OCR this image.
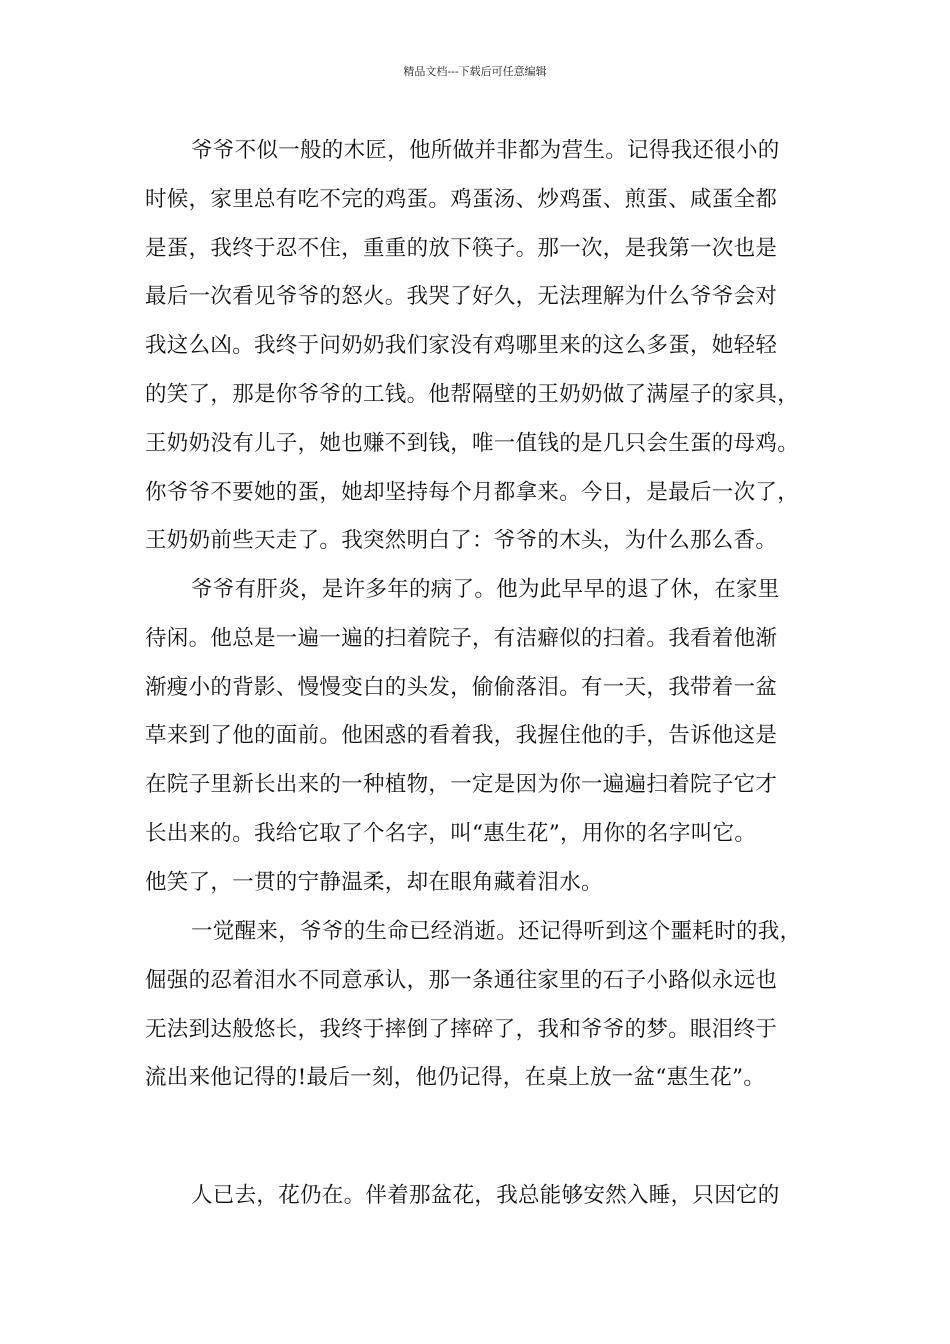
精品文档---下载后可任意编辑
爷爷不似一般的木匠，他所做并非都为营生。记得我还很小的
时候，家里总有吃不完的鸡蛋。鸡蛋汤、炒鸡蛋、煎蛋、咸蛋全都
是蛋，我终于忍不住，重重的放下筷子。那一次，是我第一次也是
最后一次看见爷爷的怒火。我哭了好久，无法理解为什么爷爷会对
我这么凶。我终于问奶奶我们家没有鸡哪里来的这么多蛋，她轻轻
的笑了，那是你爷爷的工钱。他帮隔壁的王奶奶做了满屋子的家具，
王奶奶没有儿子，她也赚不到钱，唯一值钱的是几只会生蛋的母鸡。
你爷爷不要她的蛋，她却坚持每个月都拿来。今日，是最后一次了，
王奶奶前些天走了。我突然明白了：爷爷的木头，为什么那么香。
爷爷有肝炎，是许多年的病了。他为此早早的退了休，在家里
待闲。他总是一遍一遍的扫着院子，有洁癖似的扫着。我看着他渐
渐瘦小的背影、慢慢变白的头发，偷偷落泪。有一天，我带着一盆
草来到了他的面前。他困惑的看着我，我握住他的手，告诉他这是
在院子里新长出来的一种植物，一定是因为你一遍遍扫着院子它才
长出来的。我给它取了个名字，叫“惠生花”，用你的名字叫它。
他笑了，一贯的宁静温柔，却在眼角藏着泪水。
一觉醒来，爷爷的生命已经消逝。还记得听到这个噩耗时的我，
倔强的忍着泪水不同意承认，那一条通往家里的石子小路似永远也
无法到达般悠长，我终于摔倒了摔碎了，我和爷爷的梦。眼泪终于
流出来他记得的!最后一刻，他仍记得，在桌上放一盆“惠生花”。
人已去，花仍在。伴着那盆花，我总能够安然入睡，只因它的
